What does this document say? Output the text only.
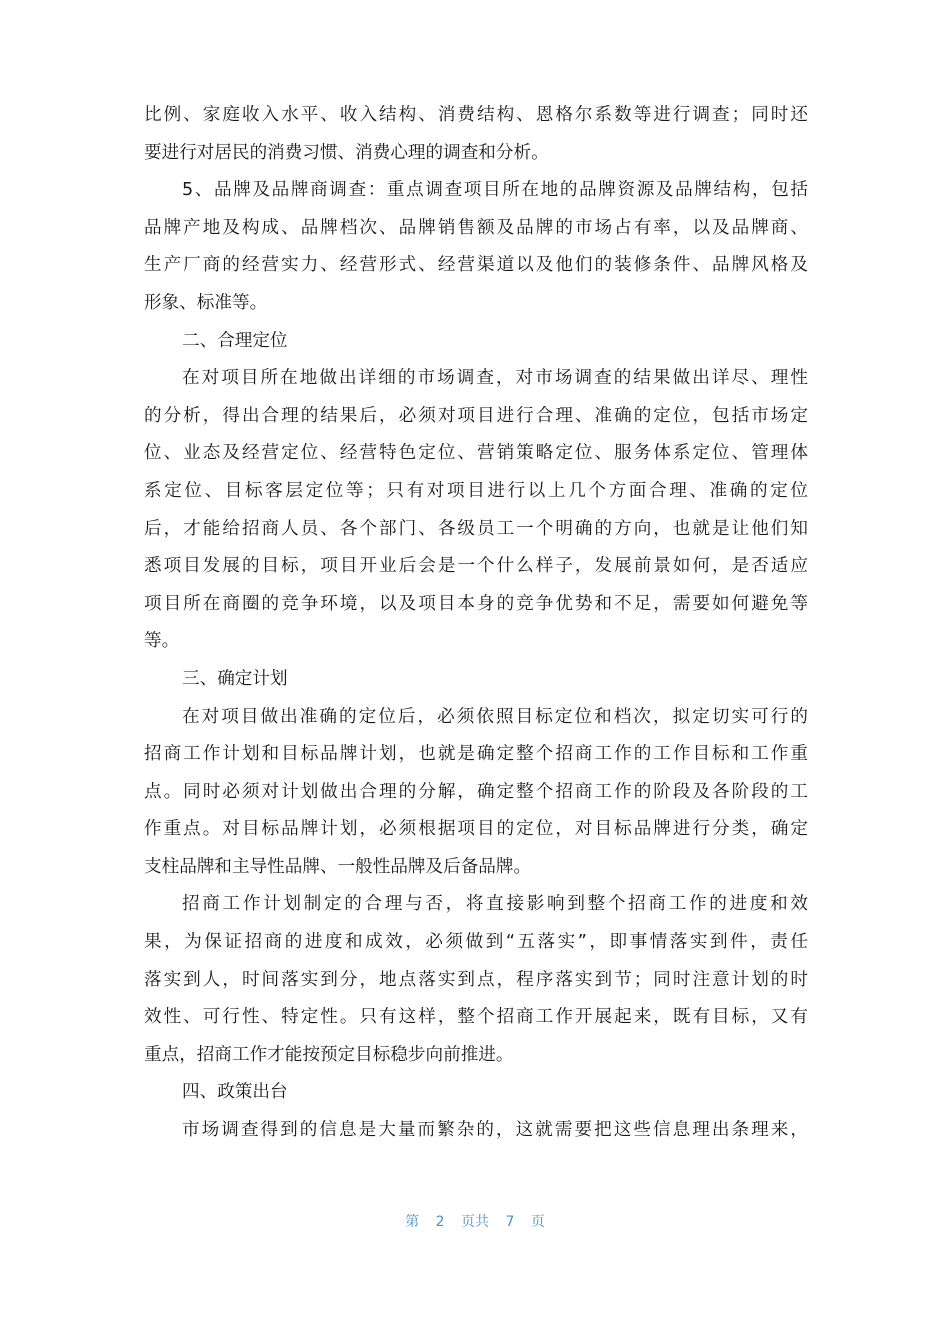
比例、家庭收入水平、收入结构、消费结构、恩格尔系数等进行调查；同时还
要进行对居民的消费习惯、消费心理的调查和分析。
5、品牌及品牌商调查：重点调查项目所在地的品牌资源及品牌结构，包括
品牌产地及构成、品牌档次、品牌销售额及品牌的市场占有率，以及品牌商、
生产厂商的经营实力、经营形式、经营渠道以及他们的装修条件、品牌风格及
形象、标准等。
二、合理定位
在对项目所在地做出详细的市场调查，对市场调查的结果做出详尽、理性
的分析，得出合理的结果后，必须对项目进行合理、准确的定位，包括市场定
位、业态及经营定位、经营特色定位、营销策略定位、服务体系定位、管理体
系定位、目标客层定位等；只有对项目进行以上几个方面合理、准确的定位
后，才能给招商人员、各个部门、各级员工一个明确的方向，也就是让他们知
悉项目发展的目标，项目开业后会是一个什么样子，发展前景如何，是否适应
项目所在商圈的竞争环境，以及项目本身的竞争优势和不足，需要如何避免等
等。
三、确定计划
在对项目做出准确的定位后，必须依照目标定位和档次，拟定切实可行的
招商工作计划和目标品牌计划，也就是确定整个招商工作的工作目标和工作重
点。同时必须对计划做出合理的分解，确定整个招商工作的阶段及各阶段的工
作重点。对目标品牌计划，必须根据项目的定位，对目标品牌进行分类，确定
支柱品牌和主导性品牌、一般性品牌及后备品牌。
招商工作计划制定的合理与否，将直接影响到整个招商工作的进度和效
果，为保证招商的进度和成效，必须做到“五落实”，即事情落实到件，责任
落实到人，时间落实到分，地点落实到点，程序落实到节；同时注意计划的时
效性、可行性、特定性。只有这样，整个招商工作开展起来，既有目标，又有
重点，招商工作才能按预定目标稳步向前推进。
四、政策出台
市场调查得到的信息是大量而繁杂的，这就需要把这些信息理出条理来，
第 2 页共 7 页
